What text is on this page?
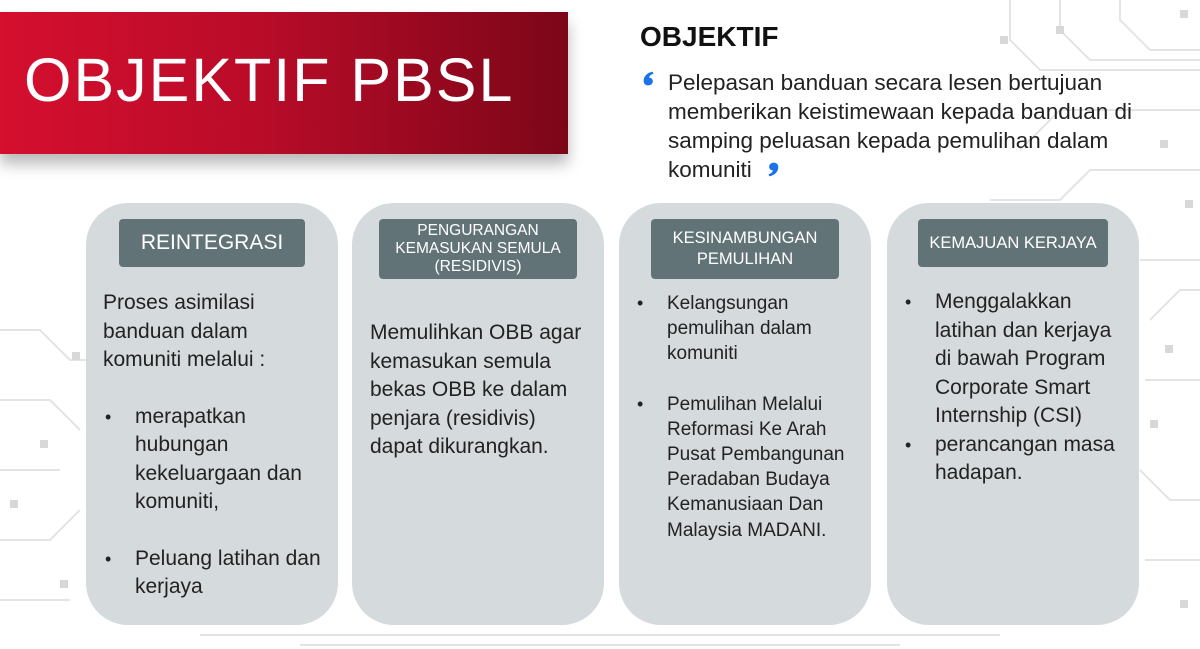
OBJEKTIF PBSL
OBJEKTIF
Pelepasan banduan secara lesen bertujuan memberikan keistimewaan kepada banduan di samping peluasan kepada pemulihan dalam komuniti
REINTEGRASI

Proses asimilasi banduan dalam komuniti melalui :

• merapatkan hubungan kekeluargaan dan komuniti,
• Peluang latihan dan kerjaya
PENGURANGAN KEMASUKAN SEMULA (RESIDIVIS)
Memulihkan OBB agar kemasukan semula bekas OBB ke dalam penjara (residivis) dapat dikurangkan.
KESINAMBUNGAN PEMULIHAN
• Kelangsungan pemulihan dalam komuniti
• Pemulihan Melalui Reformasi Ke Arah Pusat Pembangunan Peradaban Budaya Kemanusiaan Dan Malaysia MADANI.
KEMAJUAN KERJAYA
• Menggalakkan latihan dan kerjaya di bawah Program Corporate Smart Internship (CSI)
• perancangan masa hadapan.
